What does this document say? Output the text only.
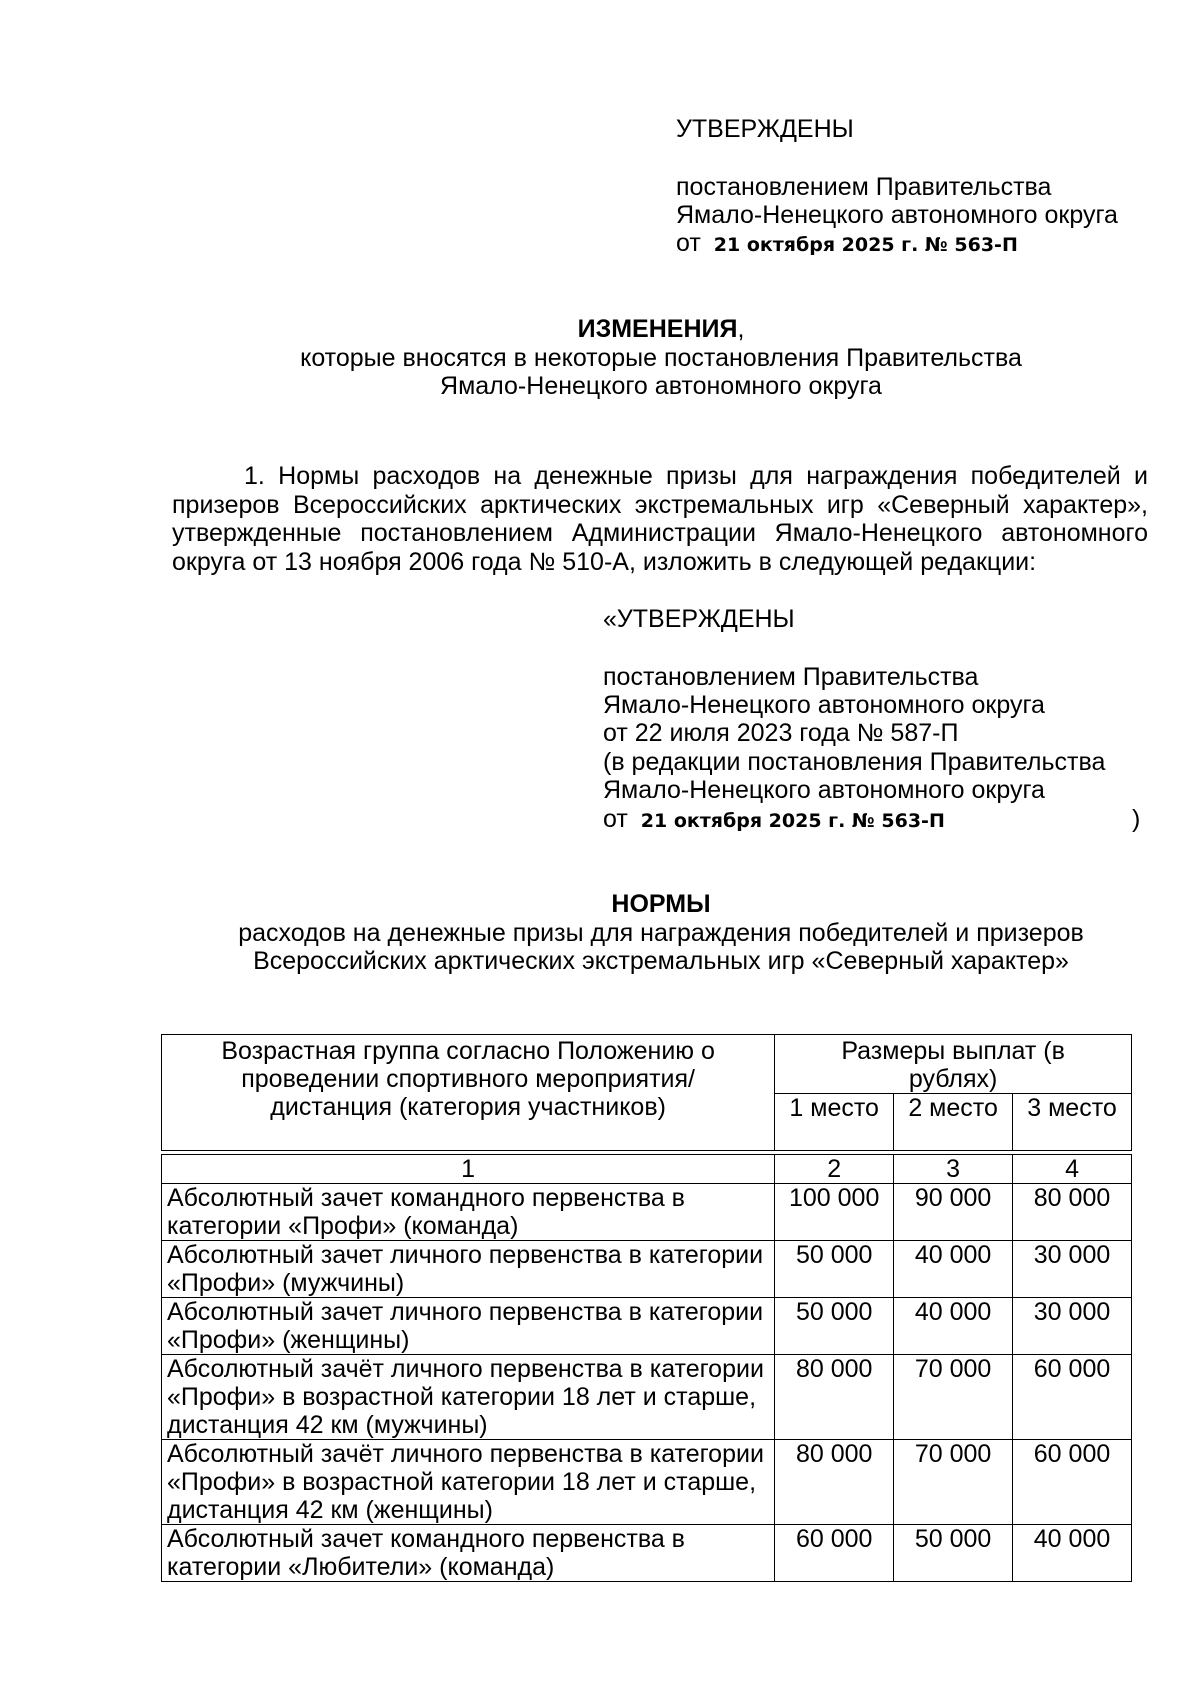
УТВЕРЖДЕНЫ
постановлением Правительства
Ямало-Ненецкого автономного округа
от 21 октября 2025 г. № 563-П
ИЗМЕНЕНИЯ,
которые вносятся в некоторые постановления Правительства
Ямало-Ненецкого автономного округа
1. Нормы расходов на денежные призы для награждения победителей и призеров Всероссийских арктических экстремальных игр «Северный характер», утвержденные постановлением Администрации Ямало-Ненецкого автономного округа от 13 ноября 2006 года № 510-А, изложить в следующей редакции:
«УТВЕРЖДЕНЫ
постановлением Правительства
Ямало-Ненецкого автономного округа
от 22 июля 2023 года № 587-П
(в редакции постановления Правительства
Ямало-Ненецкого автономного округа
от 21 октября 2025 г. № 563-П	)
НОРМЫ
расходов на денежные призы для награждения победителей и призеров
Всероссийских арктических экстремальных игр «Северный характер»
Возрастная группа согласно Положению о проведении спортивного мероприятия/дистанция (категория участников)	Размеры выплат (в рублях)		
	1 место	2 место	3 место

1	2	3	4
Абсолютный зачет командного первенства в категории «Профи» (команда)	100 000	90 000	80 000
Абсолютный зачет личного первенства в категории «Профи» (мужчины)	50 000	40 000	30 000
Абсолютный зачет личного первенства в категории «Профи» (женщины)	50 000	40 000	30 000
Абсолютный зачёт личного первенства в категории «Профи» в возрастной категории 18 лет и старше, дистанция 42 км (мужчины)	80 000	70 000	60 000
Абсолютный зачёт личного первенства в категории «Профи» в возрастной категории 18 лет и старше, дистанция 42 км (женщины)	80 000	70 000	60 000
Абсолютный зачет командного первенства в категории «Любители» (команда)	60 000	50 000	40 000
